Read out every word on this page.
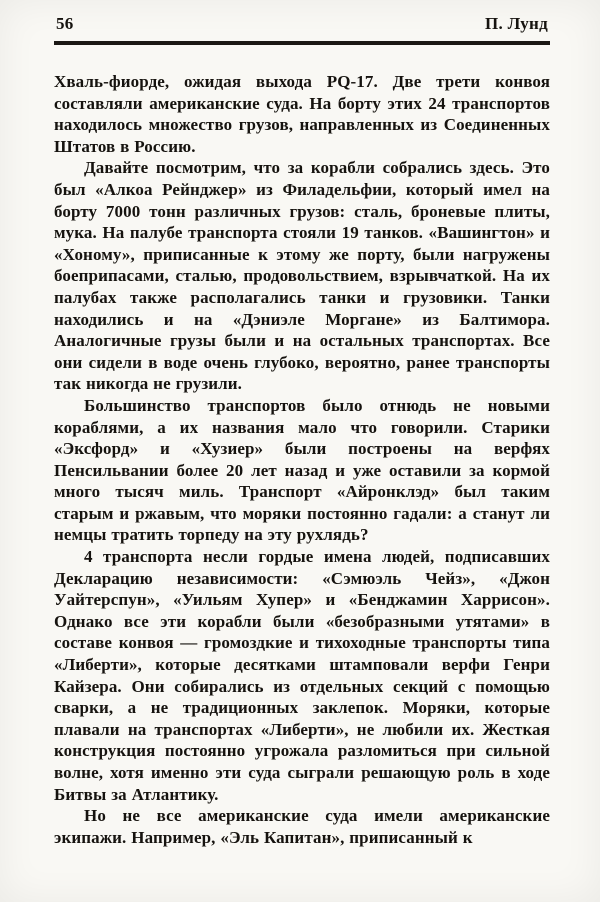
56	П. Лунд

Хваль-фиорде, ожидая выхода PQ-17. Две трети конвоя составляли американские суда. На борту этих 24 транспортов находилось множество грузов, направленных из Соединенных Штатов в Россию.

Давайте посмотрим, что за корабли собрались здесь. Это был «Алкоа Рейнджер» из Филадельфии, который имел на борту 7000 тонн различных грузов: сталь, броневые плиты, мука. На палубе транспорта стояли 19 танков. «Вашингтон» и «Хоному», приписанные к этому же порту, были нагружены боеприпасами, сталью, продовольствием, взрывчаткой. На их палубах также располагались танки и грузовики. Танки находились и на «Дэниэле Моргане» из Балтимора. Аналогичные грузы были и на остальных транспортах. Все они сидели в воде очень глубоко, вероятно, ранее транспорты так никогда не грузили.

Большинство транспортов было отнюдь не новыми кораблями, а их названия мало что говорили. Старики «Эксфорд» и «Хузиер» были построены на верфях Пенсильвании более 20 лет назад и уже оставили за кормой много тысяч миль. Транспорт «Айронклэд» был таким старым и ржавым, что моряки постоянно гадали: а станут ли немцы тратить торпеду на эту рухлядь?

4 транспорта несли гордые имена людей, подписавших Декларацию независимости: «Сэмюэль Чейз», «Джон Уайтерспун», «Уильям Хупер» и «Бенджамин Харрисон». Однако все эти корабли были «безобразными утятами» в составе конвоя — громоздкие и тихоходные транспорты типа «Либерти», которые десятками штамповали верфи Генри Кайзера. Они собирались из отдельных секций с помощью сварки, а не традиционных заклепок. Моряки, которые плавали на транспортах «Либерти», не любили их. Жесткая конструкция постоянно угрожала разломиться при сильной волне, хотя именно эти суда сыграли решающую роль в ходе Битвы за Атлантику.

Но не все американские суда имели американские экипажи. Например, «Эль Капитан», приписанный к
